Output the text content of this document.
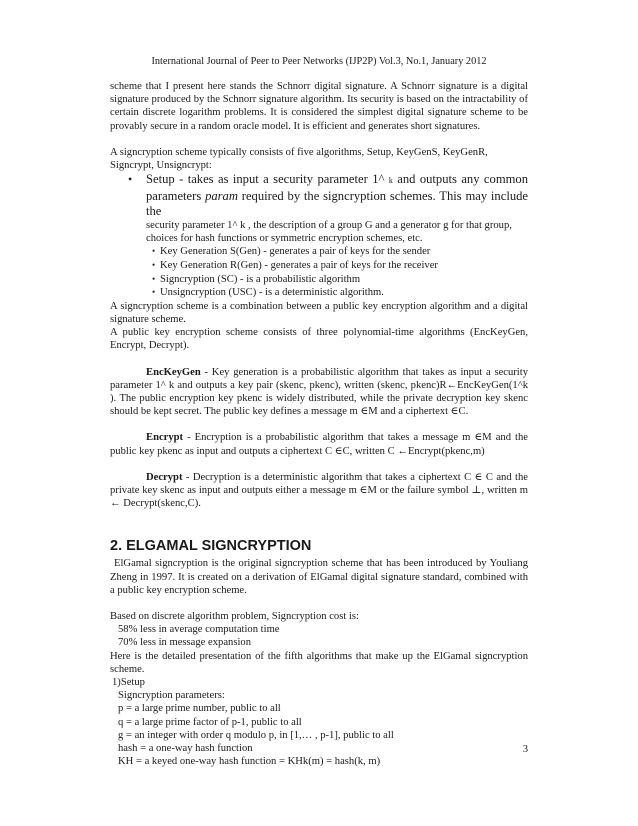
International Journal of Peer to Peer Networks (IJP2P) Vol.3, No.1, January 2012

scheme that I present here stands the Schnorr digital signature. A Schnorr signature is a digital signature produced by the Schnorr signature algorithm. Its security is based on the intractability of certain discrete logarithm problems. It is considered the simplest digital signature scheme to be provably secure in a random oracle model. It is efficient and generates short signatures.

A signcryption scheme typically consists of five algorithms, Setup, KeyGenS, KeyGenR,

Signcrypt, Unsigncrypt:

•	Setup - takes as input a security parameter 1^ k and outputs any common parameters param required by the signcryption schemes. This may include the
security parameter 1^ k , the description of a group G and a generator g for that group, choices for hash functions or symmetric encryption schemes, etc.
• Key Generation S(Gen) - generates a pair of keys for the sender
• Key Generation R(Gen) - generates a pair of keys for the receiver
• Signcryption (SC) - is a probabilistic algorithm
• Unsigncryption (USC) - is a deterministic algorithm.

A signcryption scheme is a combination between a public key encryption algorithm and a digital signature scheme.

A public key encryption scheme consists of three polynomial-time algorithms (EncKeyGen, Encrypt, Decrypt).

EncKeyGen - Key generation is a probabilistic algorithm that takes as input a security parameter 1^ k and outputs a key pair (skenc, pkenc), written (skenc, pkenc)R←EncKeyGen(1^k ). The public encryption key pkenc is widely distributed, while the private decryption key skenc should be kept secret. The public key defines a message m ∈M and a ciphertext ∈C.

Encrypt - Encryption is a probabilistic algorithm that takes a message m ∈M and the public key pkenc as input and outputs a ciphertext C ∈C, written C ←Encrypt(pkenc,m)

Decrypt - Decryption is a deterministic algorithm that takes a ciphertext C ∈ C and the private key skenc as input and outputs either a message m ∈M or the failure symbol ⊥, written m ← Decrypt(skenc,C).

2. ELGAMAL SIGNCRYPTION

ElGamal signcryption is the original signcryption scheme that has been introduced by Youliang Zheng in 1997. It is created on a derivation of ElGamal digital signature standard, combined with a public key encryption scheme.

Based on discrete algorithm problem, Signcryption cost is:

58% less in average computation time

70% less in message expansion

Here is the detailed presentation of the fifth algorithms that make up the ElGamal signcryption scheme.

1)Setup

Signcryption parameters:

p = a large prime number, public to all

q = a large prime factor of p-1, public to all

g = an integer with order q modulo p, in [1,… , p-1], public to all

hash = a one-way hash function

KH = a keyed one-way hash function = KHk(m) = hash(k, m)

3
